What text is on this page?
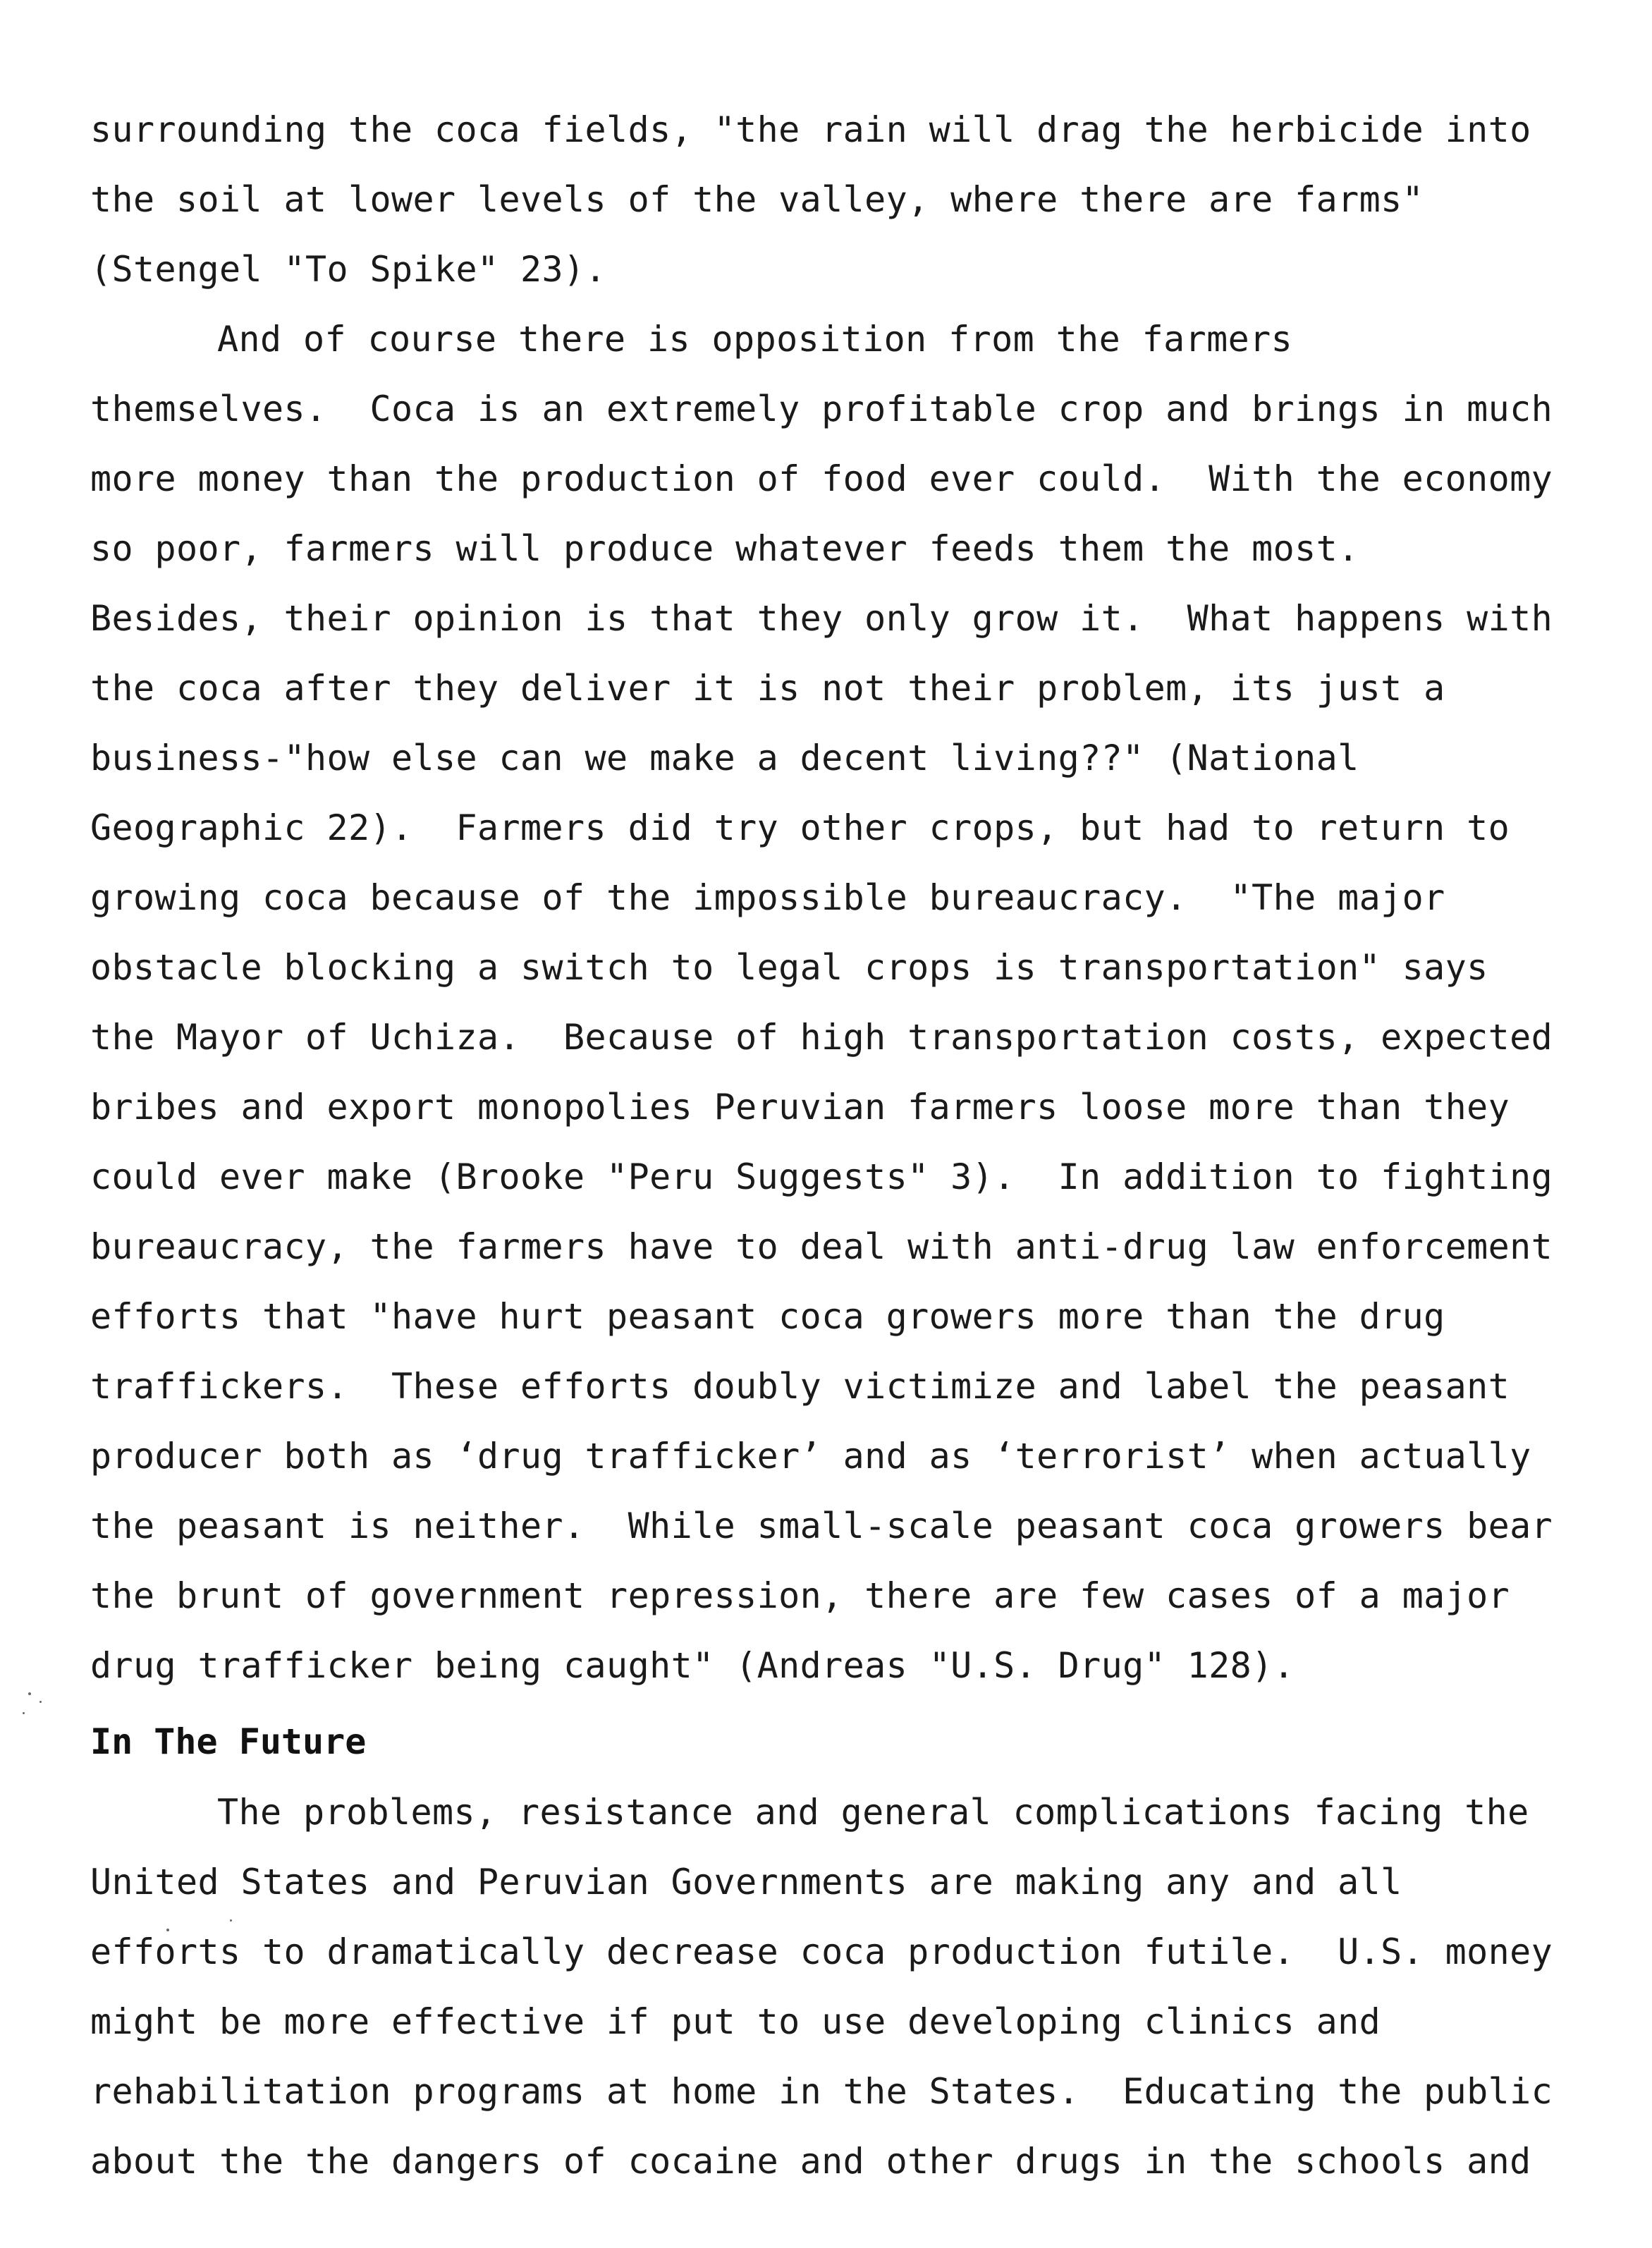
surrounding the coca fields, "the rain will drag the herbicide into
the soil at lower levels of the valley, where there are farms"
(Stengel "To Spike" 23).
And of course there is opposition from the farmers
themselves.  Coca is an extremely profitable crop and brings in much
more money than the production of food ever could.  With the economy
so poor, farmers will produce whatever feeds them the most.
Besides, their opinion is that they only grow it.  What happens with
the coca after they deliver it is not their problem, its just a
business-"how else can we make a decent living??" (National
Geographic 22).  Farmers did try other crops, but had to return to
growing coca because of the impossible bureaucracy.  "The major
obstacle blocking a switch to legal crops is transportation" says
the Mayor of Uchiza.  Because of high transportation costs, expected
bribes and export monopolies Peruvian farmers loose more than they
could ever make (Brooke "Peru Suggests" 3).  In addition to fighting
bureaucracy, the farmers have to deal with anti-drug law enforcement
efforts that "have hurt peasant coca growers more than the drug
traffickers.  These efforts doubly victimize and label the peasant
producer both as ‘drug trafficker’ and as ‘terrorist’ when actually
the peasant is neither.  While small-scale peasant coca growers bear
the brunt of government repression, there are few cases of a major
drug trafficker being caught" (Andreas "U.S. Drug" 128).
In The Future
The problems, resistance and general complications facing the
United States and Peruvian Governments are making any and all
efforts to dramatically decrease coca production futile.  U.S. money
might be more effective if put to use developing clinics and
rehabilitation programs at home in the States.  Educating the public
about the the dangers of cocaine and other drugs in the schools and
